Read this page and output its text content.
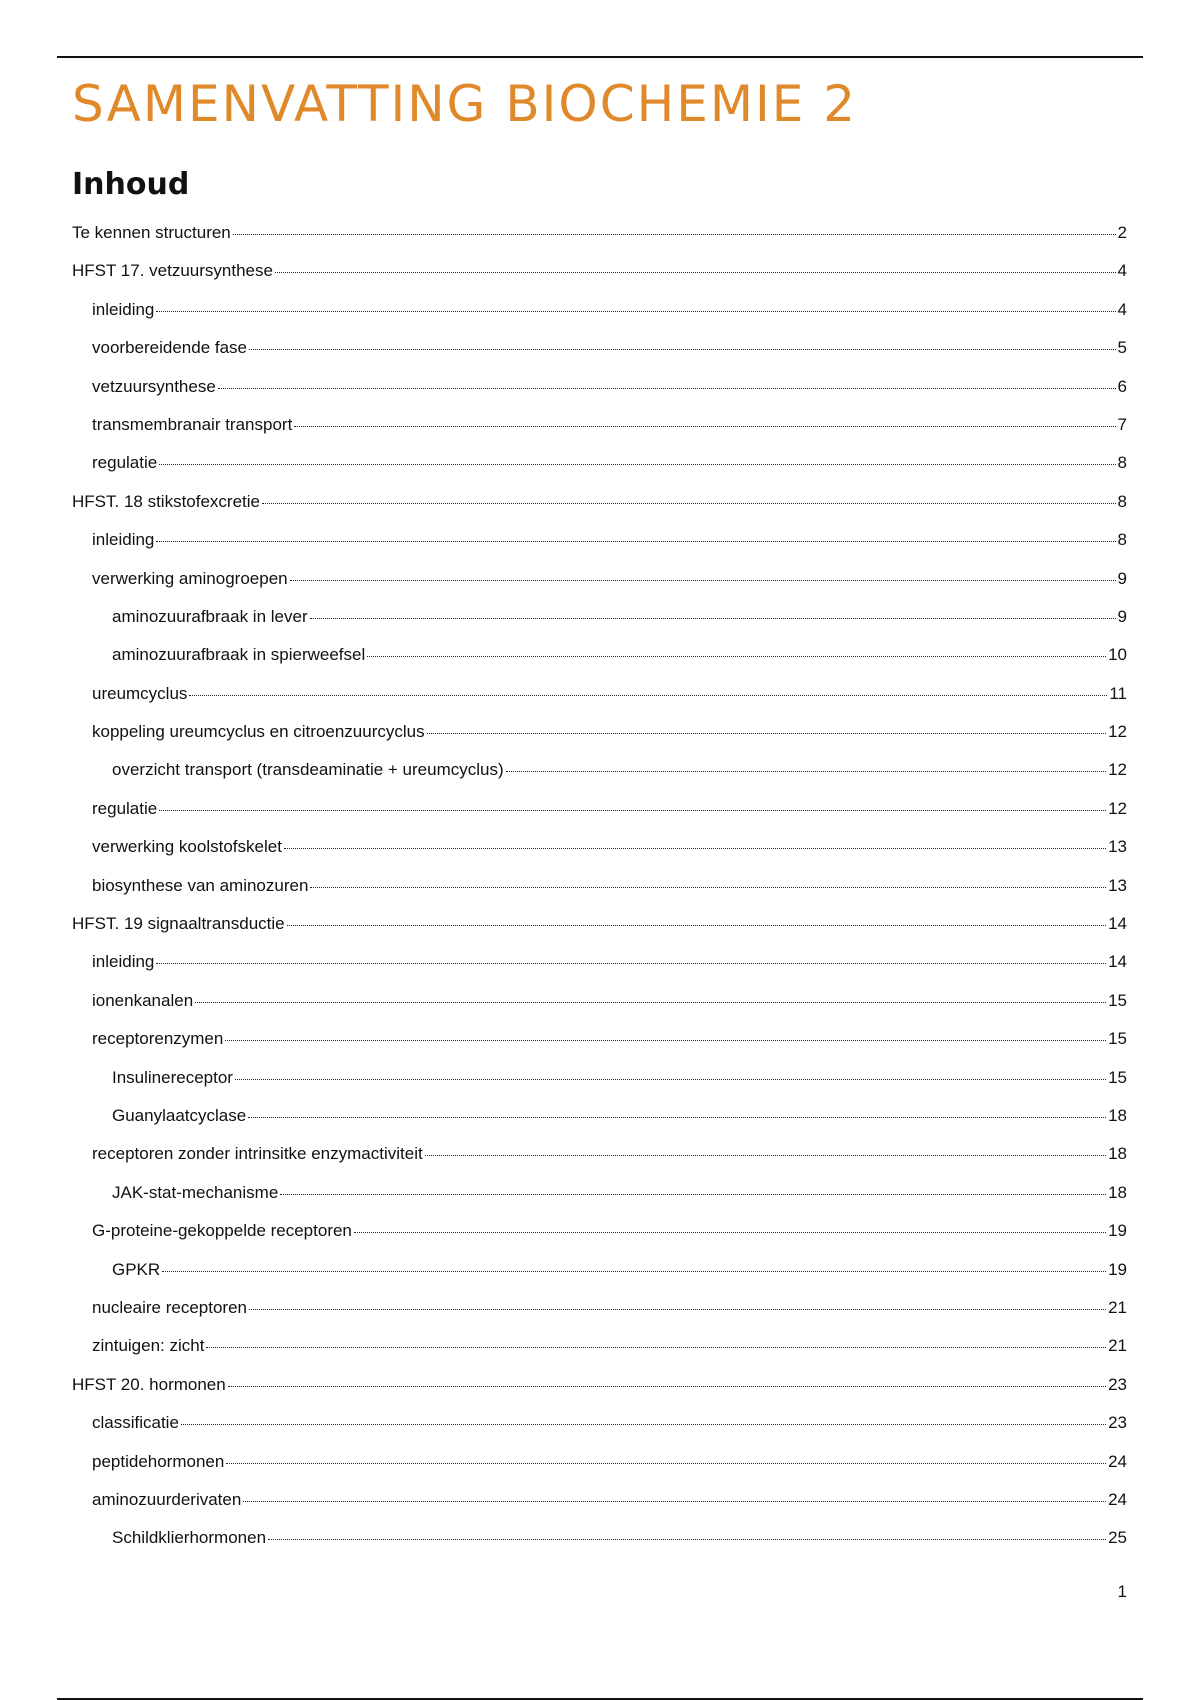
SAMENVATTING BIOCHEMIE 2
Inhoud
Te kennen structuren	2
HFST 17. vetzuursynthese	4
inleiding	4
voorbereidende fase	5
vetzuursynthese	6
transmembranair transport	7
regulatie	8
HFST. 18 stikstofexcretie	8
inleiding	8
verwerking aminogroepen	9
aminozuurafbraak in lever	9
aminozuurafbraak in spierweefsel	10
ureumcyclus	11
koppeling ureumcyclus en citroenzuurcyclus	12
overzicht transport (transdeaminatie + ureumcyclus)	12
regulatie	12
verwerking koolstofskelet	13
biosynthese van aminozuren	13
HFST. 19 signaaltransductie	14
inleiding	14
ionenkanalen	15
receptorenzymen	15
Insulinereceptor	15
Guanylaatcyclase	18
receptoren zonder intrinsitke enzymactiviteit	18
JAK-stat-mechanisme	18
G-proteine-gekoppelde receptoren	19
GPKR	19
nucleaire receptoren	21
zintuigen: zicht	21
HFST 20. hormonen	23
classificatie	23
peptidehormonen	24
aminozuurderivaten	24
Schildklierhormonen	25
1
